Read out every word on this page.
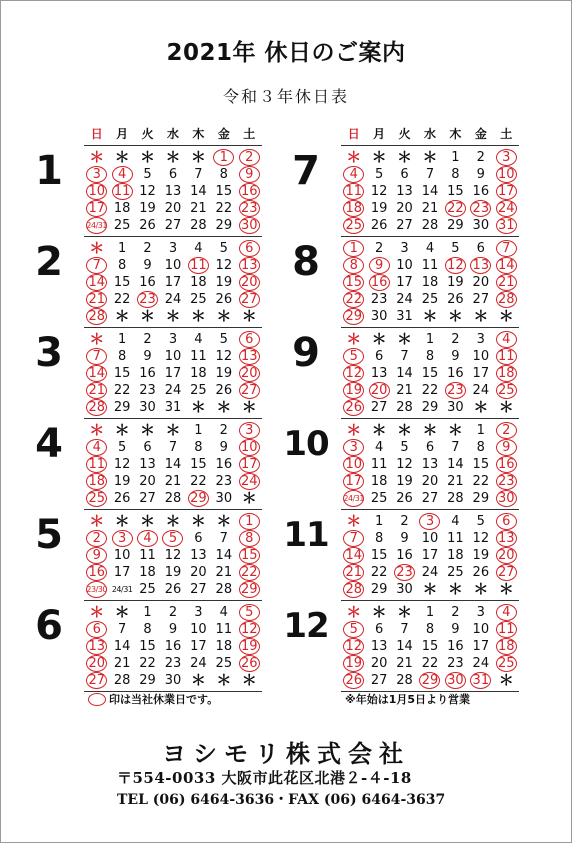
2021年 休日のご案内
令和３年休日表
日	月	火	水	木	金	土
1	＊ ＊ ＊ ＊ ＊	1	2
3	4	5	6	7	8	9
10 11 12 13 14 15 16
17 18 19 20 21 22 23
24/31 25 26 27 28 29 30
2	＊	1	2	3	4	5	6
7	8	9	10 11 12 13
14 15 16 17 18 19 20
21 22 23 24 25 26 27
28 ＊ ＊ ＊ ＊ ＊ ＊
3	＊	1	2	3	4	5	6
7	8	9	10 11 12 13
14 15 16 17 18 19 20
21 22 23 24 25 26 27
28 29 30 31 ＊ ＊ ＊
4	＊ ＊ ＊ ＊	1	2	3
4	5	6	7	8	9	10
11 12 13 14 15 16 17
18 19 20 21 22 23 24
25 26 27 28 29 30 ＊
5	＊ ＊ ＊ ＊ ＊ ＊	1
2	3	4	5	6	7	8
9	10 11 12 13 14 15
16 17 18 19 20 21 22
23/30 24/31 25 26 27 28 29
6	＊ ＊	1	2	3	4	5
6	7	8	9	10 11 12
13 14 15 16 17 18 19
20 21 22 23 24 25 26
27 28 29 30 ＊ ＊ ＊
日	月	火	水	木	金	土
7	＊ ＊ ＊ ＊	1	2	3
4	5	6	7	8	9	10
11 12 13 14 15 16 17
18 19 20 21 22 23 24
25 26 27 28 29 30 31
8	1	2	3	4	5	6	7
8	9	10 11 12 13 14
15 16 17 18 19 20 21
22 23 24 25 26 27 28
29 30 31 ＊ ＊ ＊ ＊
9	＊ ＊ ＊	1	2	3	4
5	6	7	8	9	10 11
12 13 14 15 16 17 18
19 20 21 22 23 24 25
26 27 28 29 30 ＊ ＊
10	＊ ＊ ＊ ＊ ＊	1	2
3	4	5	6	7	8	9
10 11 12 13 14 15 16
17 18 19 20 21 22 23
24/31 25 26 27 28 29 30
11	＊	1	2	3	4	5	6
7	8	9	10 11 12 13
14 15 16 17 18 19 20
21 22 23 24 25 26 27
28 29 30 ＊ ＊ ＊ ＊
12	＊ ＊ ＊	1	2	3	4
5	6	7	8	9	10 11
12 13 14 15 16 17 18
19 20 21 22 23 24 25
26 27 28 29 30 31 ＊
印は当社休業日です。	※年始は1月5日より営業
ヨシモリ株式会社
〒554-0033 大阪市此花区北港２-４-18
TEL (06) 6464-3636・FAX (06) 6464-3637
